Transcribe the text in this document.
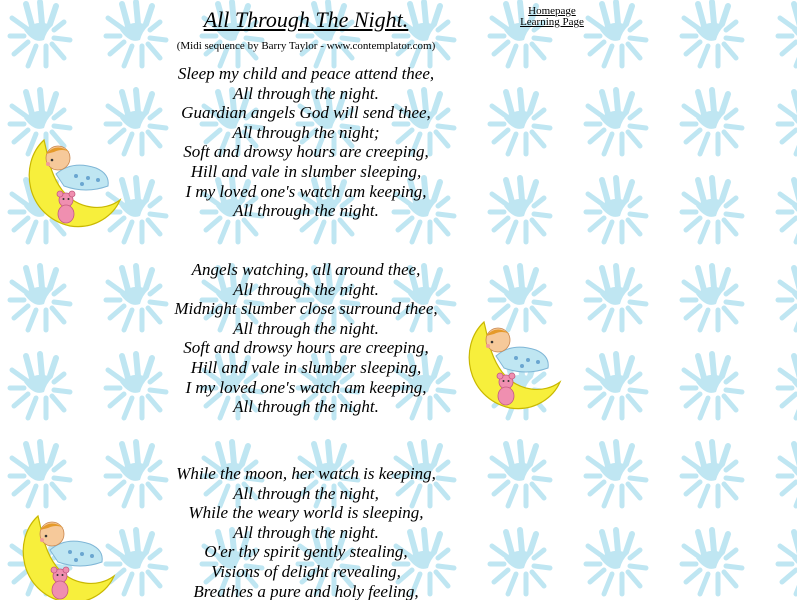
Homepage
Learning Page
All Through The Night.

(Midi sequence by Barry Taylor - www.contemplator.com)

Sleep my child and peace attend thee,
All through the night.
Guardian angels God will send thee,
All through the night;
Soft and drowsy hours are creeping,
Hill and vale in slumber sleeping,
I my loved one's watch am keeping,
All through the night.

Angels watching, all around thee,
All through the night.
Midnight slumber close surround thee,
All through the night.
Soft and drowsy hours are creeping,
Hill and vale in slumber sleeping,
I my loved one's watch am keeping,
All through the night.

While the moon, her watch is keeping,
All through the night,
While the weary world is sleeping,
All through the night.
O'er thy spirit gently stealing,
Visions of delight revealing,
Breathes a pure and holy feeling,
